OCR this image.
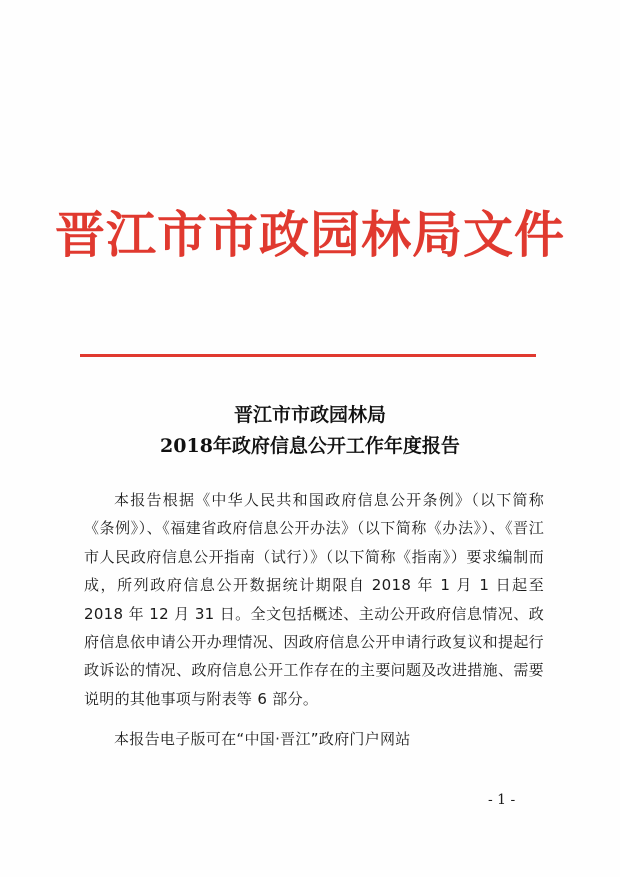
晋江市市政园林局文件
晋江市市政园林局
2018年政府信息公开工作年度报告

本报告根据《中华人民共和国政府信息公开条例》（以下简称《条例》）、《福建省政府信息公开办法》（以下简称《办法》）、《晋江市人民政府信息公开指南（试行）》（以下简称《指南》）要求编制而成，所列政府信息公开数据统计期限自 2018 年 1 月 1 日起至 2018 年 12 月 31 日。全文包括概述、主动公开政府信息情况、政府信息依申请公开办理情况、因政府信息公开申请行政复议和提起行政诉讼的情况、政府信息公开工作存在的主要问题及改进措施、需要说明的其他事项与附表等 6 部分。

本报告电子版可在“中国·晋江”政府门户网站

- 1 -
